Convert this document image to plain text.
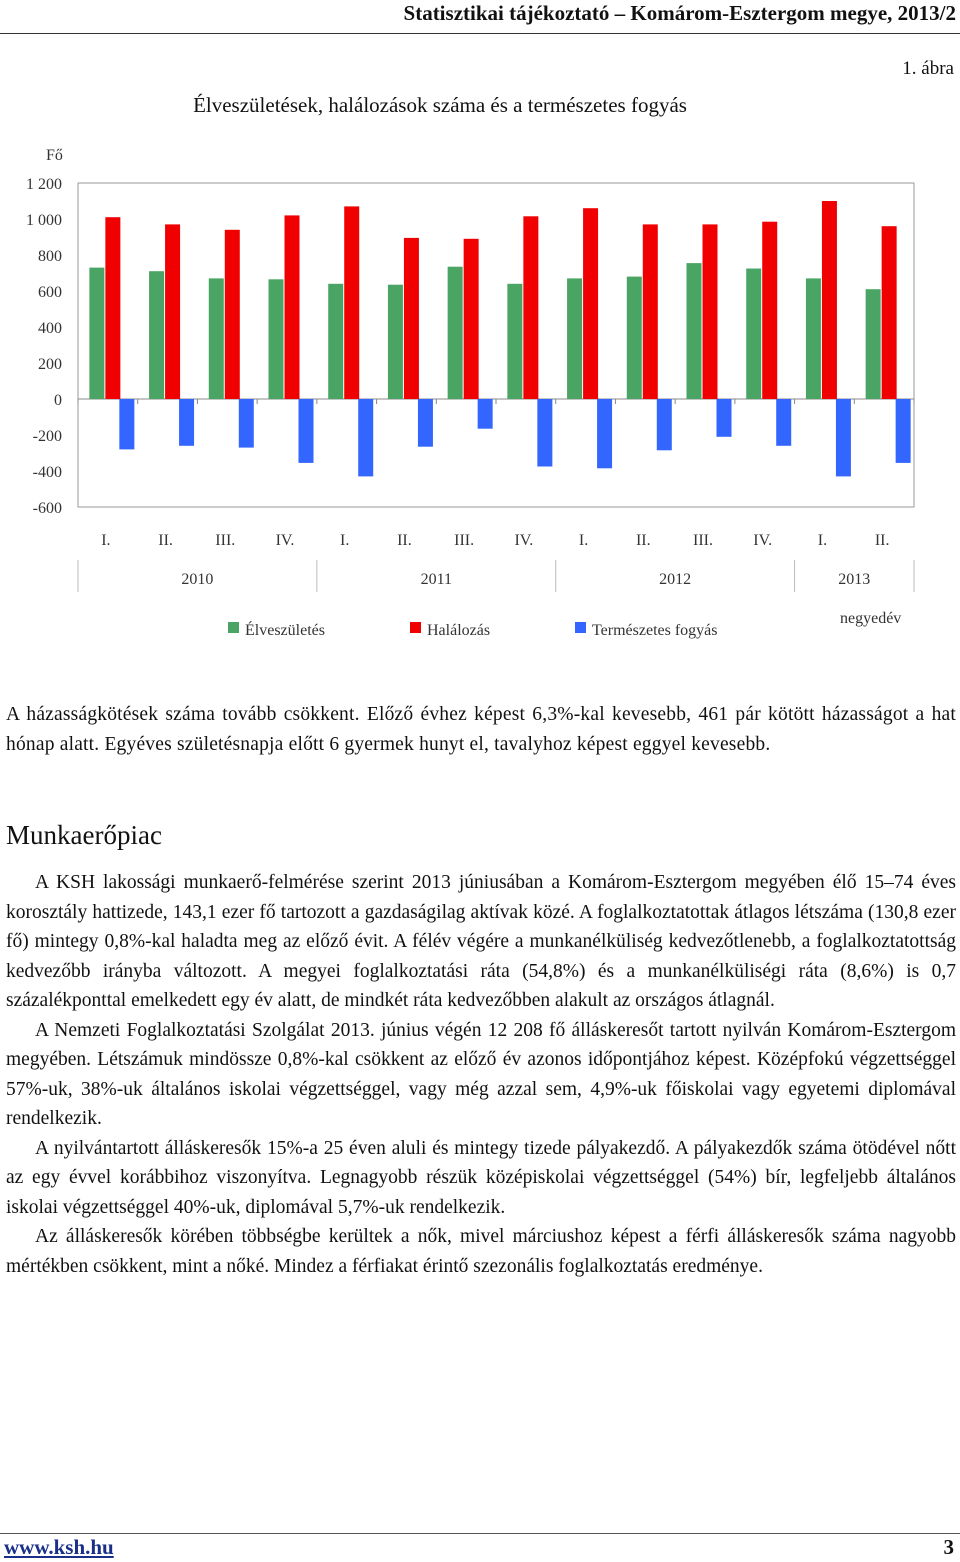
Statisztikai tájékoztató – Komárom-Esztergom megye, 2013/2
1. ábra
Élveszületések, halálozások száma és a természetes fogyás
Fő
1 200
1 000
800
600
400
200
0
-200
-400
-600
I.	II.	III.	IV.	I.	II.	III.	IV.	I.	II.	III.	IV.	I.	II.
2010	2011	2012	2013
Élveszületés	Halálozás	Természetes fogyás
negyedév

A házasságkötések száma tovább csökkent. Előző évhez képest 6,3%-kal kevesebb, 461 pár kötött házasságot a hat hónap alatt. Egyéves születésnapja előtt 6 gyermek hunyt el, tavalyhoz képest eggyel kevesebb.

Munkaerőpiac

A KSH lakossági munkaerő-felmérése szerint 2013 júniusában a Komárom-Esztergom megyében élő 15–74 éves korosztály hattizede, 143,1 ezer fő tartozott a gazdaságilag aktívak közé. A foglalkoztatottak átlagos létszáma (130,8 ezer fő) mintegy 0,8%-kal haladta meg az előző évit. A félév végére a munkanélküliség kedvezőtlenebb, a foglalkoztatottság kedvezőbb irányba változott. A megyei foglalkoztatási ráta (54,8%) és a munkanélküliségi ráta (8,6%) is 0,7 százalékponttal emelkedett egy év alatt, de mindkét ráta kedvezőbben alakult az országos átlagnál.

A Nemzeti Foglalkoztatási Szolgálat 2013. június végén 12 208 fő álláskeresőt tartott nyilván Komárom-Esztergom megyében. Létszámuk mindössze 0,8%-kal csökkent az előző év azonos időpontjához képest. Középfokú végzettséggel 57%-uk, 38%-uk általános iskolai végzettséggel, vagy még azzal sem, 4,9%-uk főiskolai vagy egyetemi diplomával rendelkezik.

A nyilvántartott álláskeresők 15%-a 25 éven aluli és mintegy tizede pályakezdő. A pályakezdők száma ötödével nőtt az egy évvel korábbihoz viszonyítva. Legnagyobb részük középiskolai végzettséggel (54%) bír, legfeljebb általános iskolai végzettséggel 40%-uk, diplomával 5,7%-uk rendelkezik.

Az álláskeresők körében többségbe kerültek a nők, mivel márciushoz képest a férfi álláskeresők száma nagyobb mértékben csökkent, mint a nőké. Mindez a férfiakat érintő szezonális foglalkoztatás eredménye.

www.ksh.hu	3
